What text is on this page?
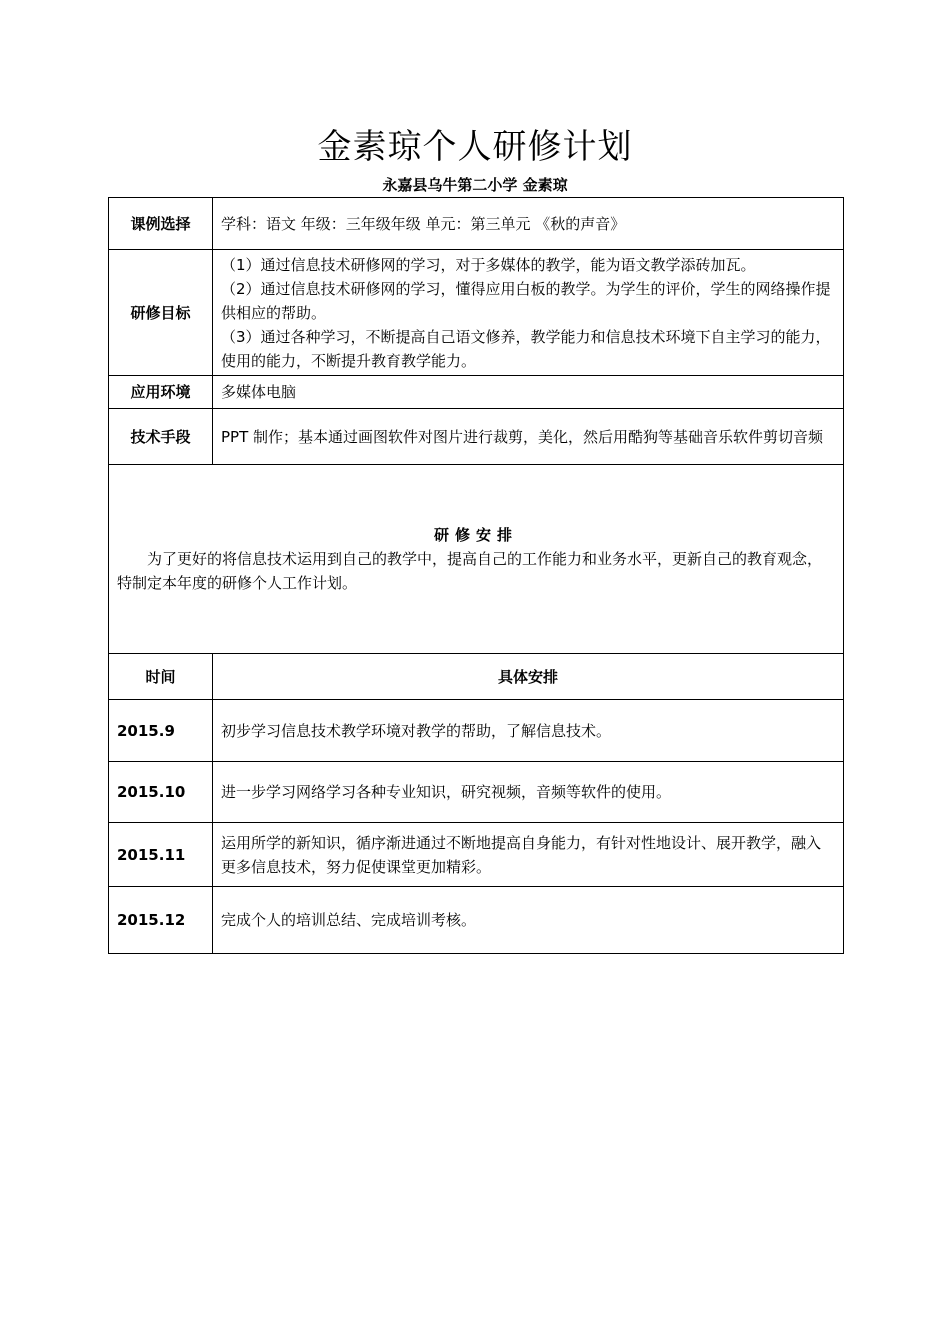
金素琼个人研修计划
永嘉县乌牛第二小学 金素琼
课例选择	学科：语文 年级：三年级年级 单元：第三单元 《秋的声音》
研修目标	（1）通过信息技术研修网的学习，对于多媒体的教学，能为语文教学添砖加瓦。

（2）通过信息技术研修网的学习，懂得应用白板的教学。为学生的评价，学生的网络操作提供相应的帮助。

（3）通过各种学习，不断提高自己语文修养，教学能力和信息技术环境下自主学习的能力，使用的能力，不断提升教育教学能力。

应用环境	多媒体电脑
技术手段	PPT 制作；基本通过画图软件对图片进行裁剪，美化，然后用酷狗等基础音乐软件剪切音频

研修安排
为了更好的将信息技术运用到自己的教学中，提高自己的工作能力和业务水平，更新自己的教育观念，特制定本年度的研修个人工作计划。	

时间	具体安排
2015.9	初步学习信息技术教学环境对教学的帮助，了解信息技术。
2015.10	进一步学习网络学习各种专业知识，研究视频，音频等软件的使用。
2015.11	运用所学的新知识，循序渐进通过不断地提高自身能力，有针对性地设计、展开教学，融入更多信息技术，努力促使课堂更加精彩。
2015.12	完成个人的培训总结、完成培训考核。
